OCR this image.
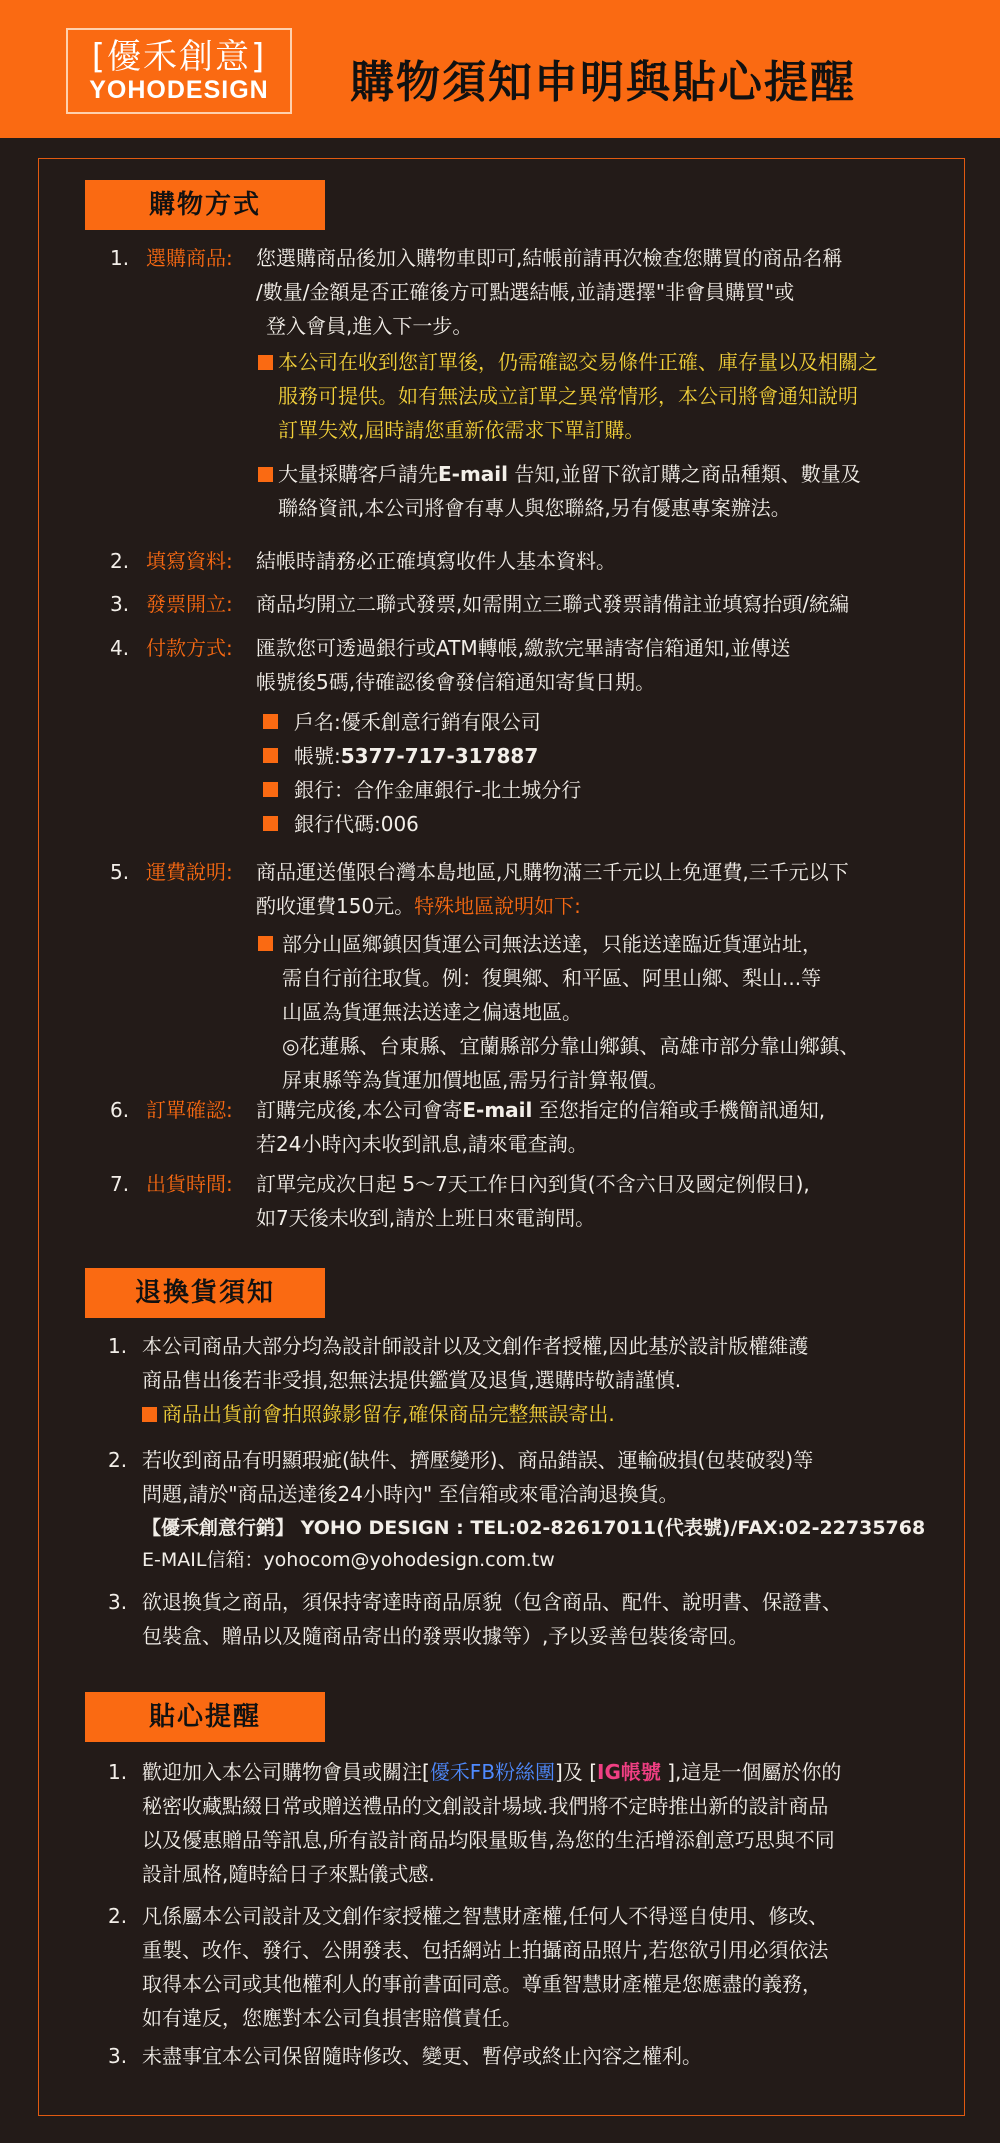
[優禾創意]
YOHODESIGN 購物須知申明與貼心提醒
購物方式
1. 選購商品: 您選購商品後加入購物車即可,結帳前請再次檢查您購買的商品名稱
/數量/金額是否正確後方可點選結帳,並請選擇"非會員購買"或
登入會員,進入下一步。
本公司在收到您訂單後，仍需確認交易條件正確、庫存量以及相關之
服務可提供。如有無法成立訂單之異常情形，本公司將會通知說明
訂單失效,屆時請您重新依需求下單訂購。
大量採購客戶請先E-mail 告知,並留下欲訂購之商品種類、數量及
聯絡資訊,本公司將會有專人與您聯絡,另有優惠專案辦法。
2. 填寫資料: 結帳時請務必正確填寫收件人基本資料。
3. 發票開立: 商品均開立二聯式發票,如需開立三聯式發票請備註並填寫抬頭/統編
4. 付款方式: 匯款您可透過銀行或ATM轉帳,繳款完畢請寄信箱通知,並傳送
帳號後5碼,待確認後會發信箱通知寄貨日期。
戶名:優禾創意行銷有限公司
帳號:5377-717-317887
銀行：合作金庫銀行-北土城分行
銀行代碼:006
5. 運費說明: 商品運送僅限台灣本島地區,凡購物滿三千元以上免運費,三千元以下
酌收運費150元。特殊地區說明如下:
部分山區鄉鎮因貨運公司無法送達，只能送達臨近貨運站址，
需自行前往取貨。例：復興鄉、和平區、阿里山鄉、梨山...等
山區為貨運無法送達之偏遠地區。
◎花蓮縣、台東縣、宜蘭縣部分靠山鄉鎮、高雄市部分靠山鄉鎮、
屏東縣等為貨運加價地區,需另行計算報價。
6. 訂單確認: 訂購完成後,本公司會寄E-mail 至您指定的信箱或手機簡訊通知,
若24小時內未收到訊息,請來電查詢。
7. 出貨時間: 訂單完成次日起 5～7天工作日內到貨(不含六日及國定例假日),
如7天後未收到,請於上班日來電詢問。
退換貨須知
1. 本公司商品大部分均為設計師設計以及文創作者授權,因此基於設計版權維護
商品售出後若非受損,恕無法提供鑑賞及退貨,選購時敬請謹慎.
商品出貨前會拍照錄影留存,確保商品完整無誤寄出.
2. 若收到商品有明顯瑕疵(缺件、擠壓變形)、商品錯誤、運輸破損(包裝破裂)等
問題,請於"商品送達後24小時內" 至信箱或來電洽詢退換貨。
【優禾創意行銷】 YOHO DESIGN : TEL:02-82617011(代表號)/FAX:02-22735768
E-MAIL信箱：yohocom@yohodesign.com.tw
3. 欲退換貨之商品，須保持寄達時商品原貌（包含商品、配件、說明書、保證書、
包裝盒、贈品以及隨商品寄出的發票收據等）,予以妥善包裝後寄回。
貼心提醒
1. 歡迎加入本公司購物會員或關注[優禾FB粉絲團]及 [IG帳號 ],這是一個屬於你的
秘密收藏點綴日常或贈送禮品的文創設計場域.我們將不定時推出新的設計商品
以及優惠贈品等訊息,所有設計商品均限量販售,為您的生活增添創意巧思與不同
設計風格,隨時給日子來點儀式感.
2. 凡係屬本公司設計及文創作家授權之智慧財產權,任何人不得逕自使用、修改、
重製、改作、發行、公開發表、包括網站上拍攝商品照片,若您欲引用必須依法
取得本公司或其他權利人的事前書面同意。尊重智慧財產權是您應盡的義務，
如有違反，您應對本公司負損害賠償責任。
3. 未盡事宜本公司保留隨時修改、變更、暫停或終止內容之權利。
